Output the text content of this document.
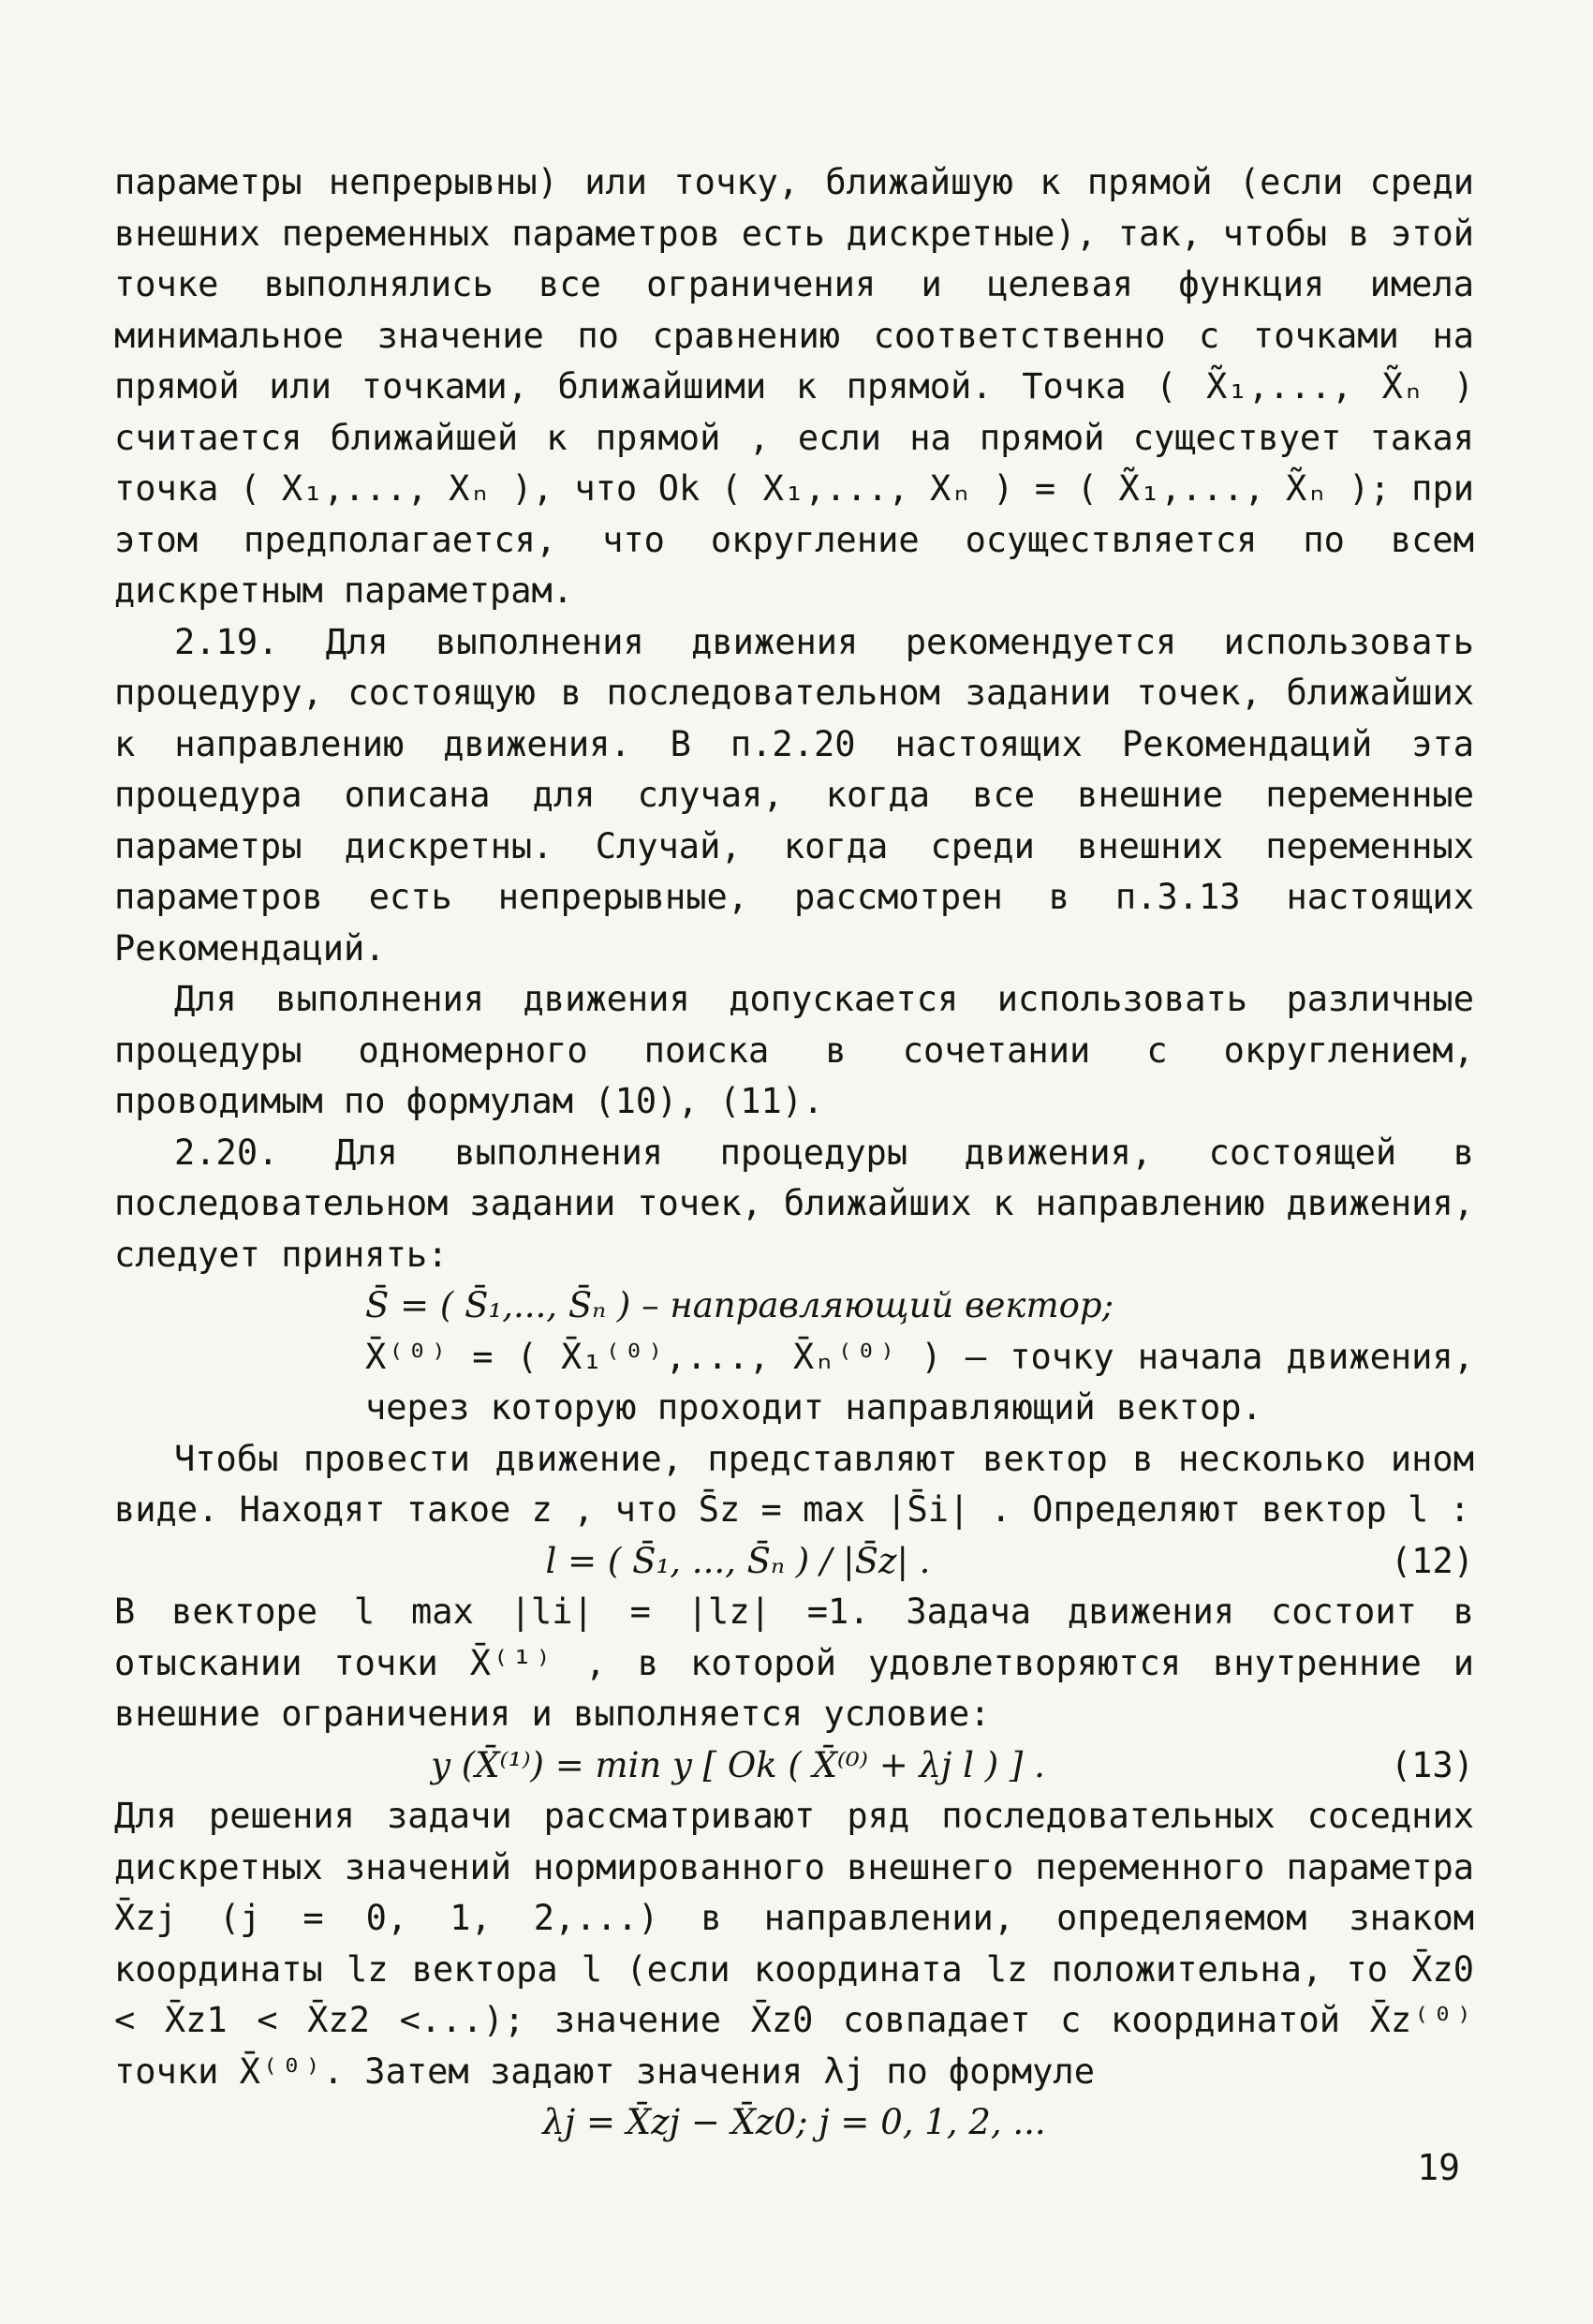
параметры непрерывны) или точку, ближайшую к прямой (если среди внешних переменных параметров есть дискретные), так, чтобы в этой точке выполнялись все ограничения и целевая функция имела минимальное значение по сравнению соответственно с точками на прямой или точками, ближайшими к прямой. Точка ( X̃₁,..., X̃ₙ ) считается ближайшей к прямой , если на прямой существует такая точка ( X₁,..., Xₙ ), что Ok ( X₁,..., Xₙ ) = ( X̃₁,..., X̃ₙ ); при этом предполагается, что округление осуществляется по всем дискретным параметрам.

2.19. Для выполнения движения рекомендуется использовать процедуру, состоящую в последовательном задании точек, ближайших к направлению движения. В п.2.20 настоящих Рекомендаций эта процедура описана для случая, когда все внешние переменные параметры дискретны. Случай, когда среди внешних переменных параметров есть непрерывные, рассмотрен в п.3.13 настоящих Рекомендаций.

Для выполнения движения допускается использовать различные процедуры одномерного поиска в сочетании с округлением, проводимым по формулам (10), (11).

2.20. Для выполнения процедуры движения, состоящей в последовательном задании точек, ближайших к направлению движения, следует принять:

S̄ = ( S̄₁,..., S̄ₙ ) – направляющий вектор;

X̄⁽⁰⁾ = ( X̄₁⁽⁰⁾,..., X̄ₙ⁽⁰⁾ ) – точку начала движения, через которую проходит направляющий вектор.

Чтобы провести движение, представляют вектор в несколько ином виде. Находят такое z , что S̄z = max |S̄i| . Определяют вектор l :

l = ( S̄₁, ..., S̄ₙ ) / |S̄z| .	(12)

В векторе l max |li| = |lz| =1. Задача движения состоит в отыскании точки X̄⁽¹⁾ , в которой удовлетворяются внутренние и внешние ограничения и выполняется условие:

y (X̄⁽¹⁾) = min y [ Ok ( X̄⁽⁰⁾ + λj l ) ] .	(13)

Для решения задачи рассматривают ряд последовательных соседних дискретных значений нормированного внешнего переменного параметра X̄zj (j = 0, 1, 2,...) в направлении, определяемом знаком координаты lz вектора l (если координата lz положительна, то X̄z0 < X̄z1 < X̄z2 <...); значение X̄z0 совпадает с координатой X̄z⁽⁰⁾ точки X̄⁽⁰⁾. Затем задают значения λj по формуле

λj = X̄zj − X̄z0; j = 0, 1, 2, ...

19
